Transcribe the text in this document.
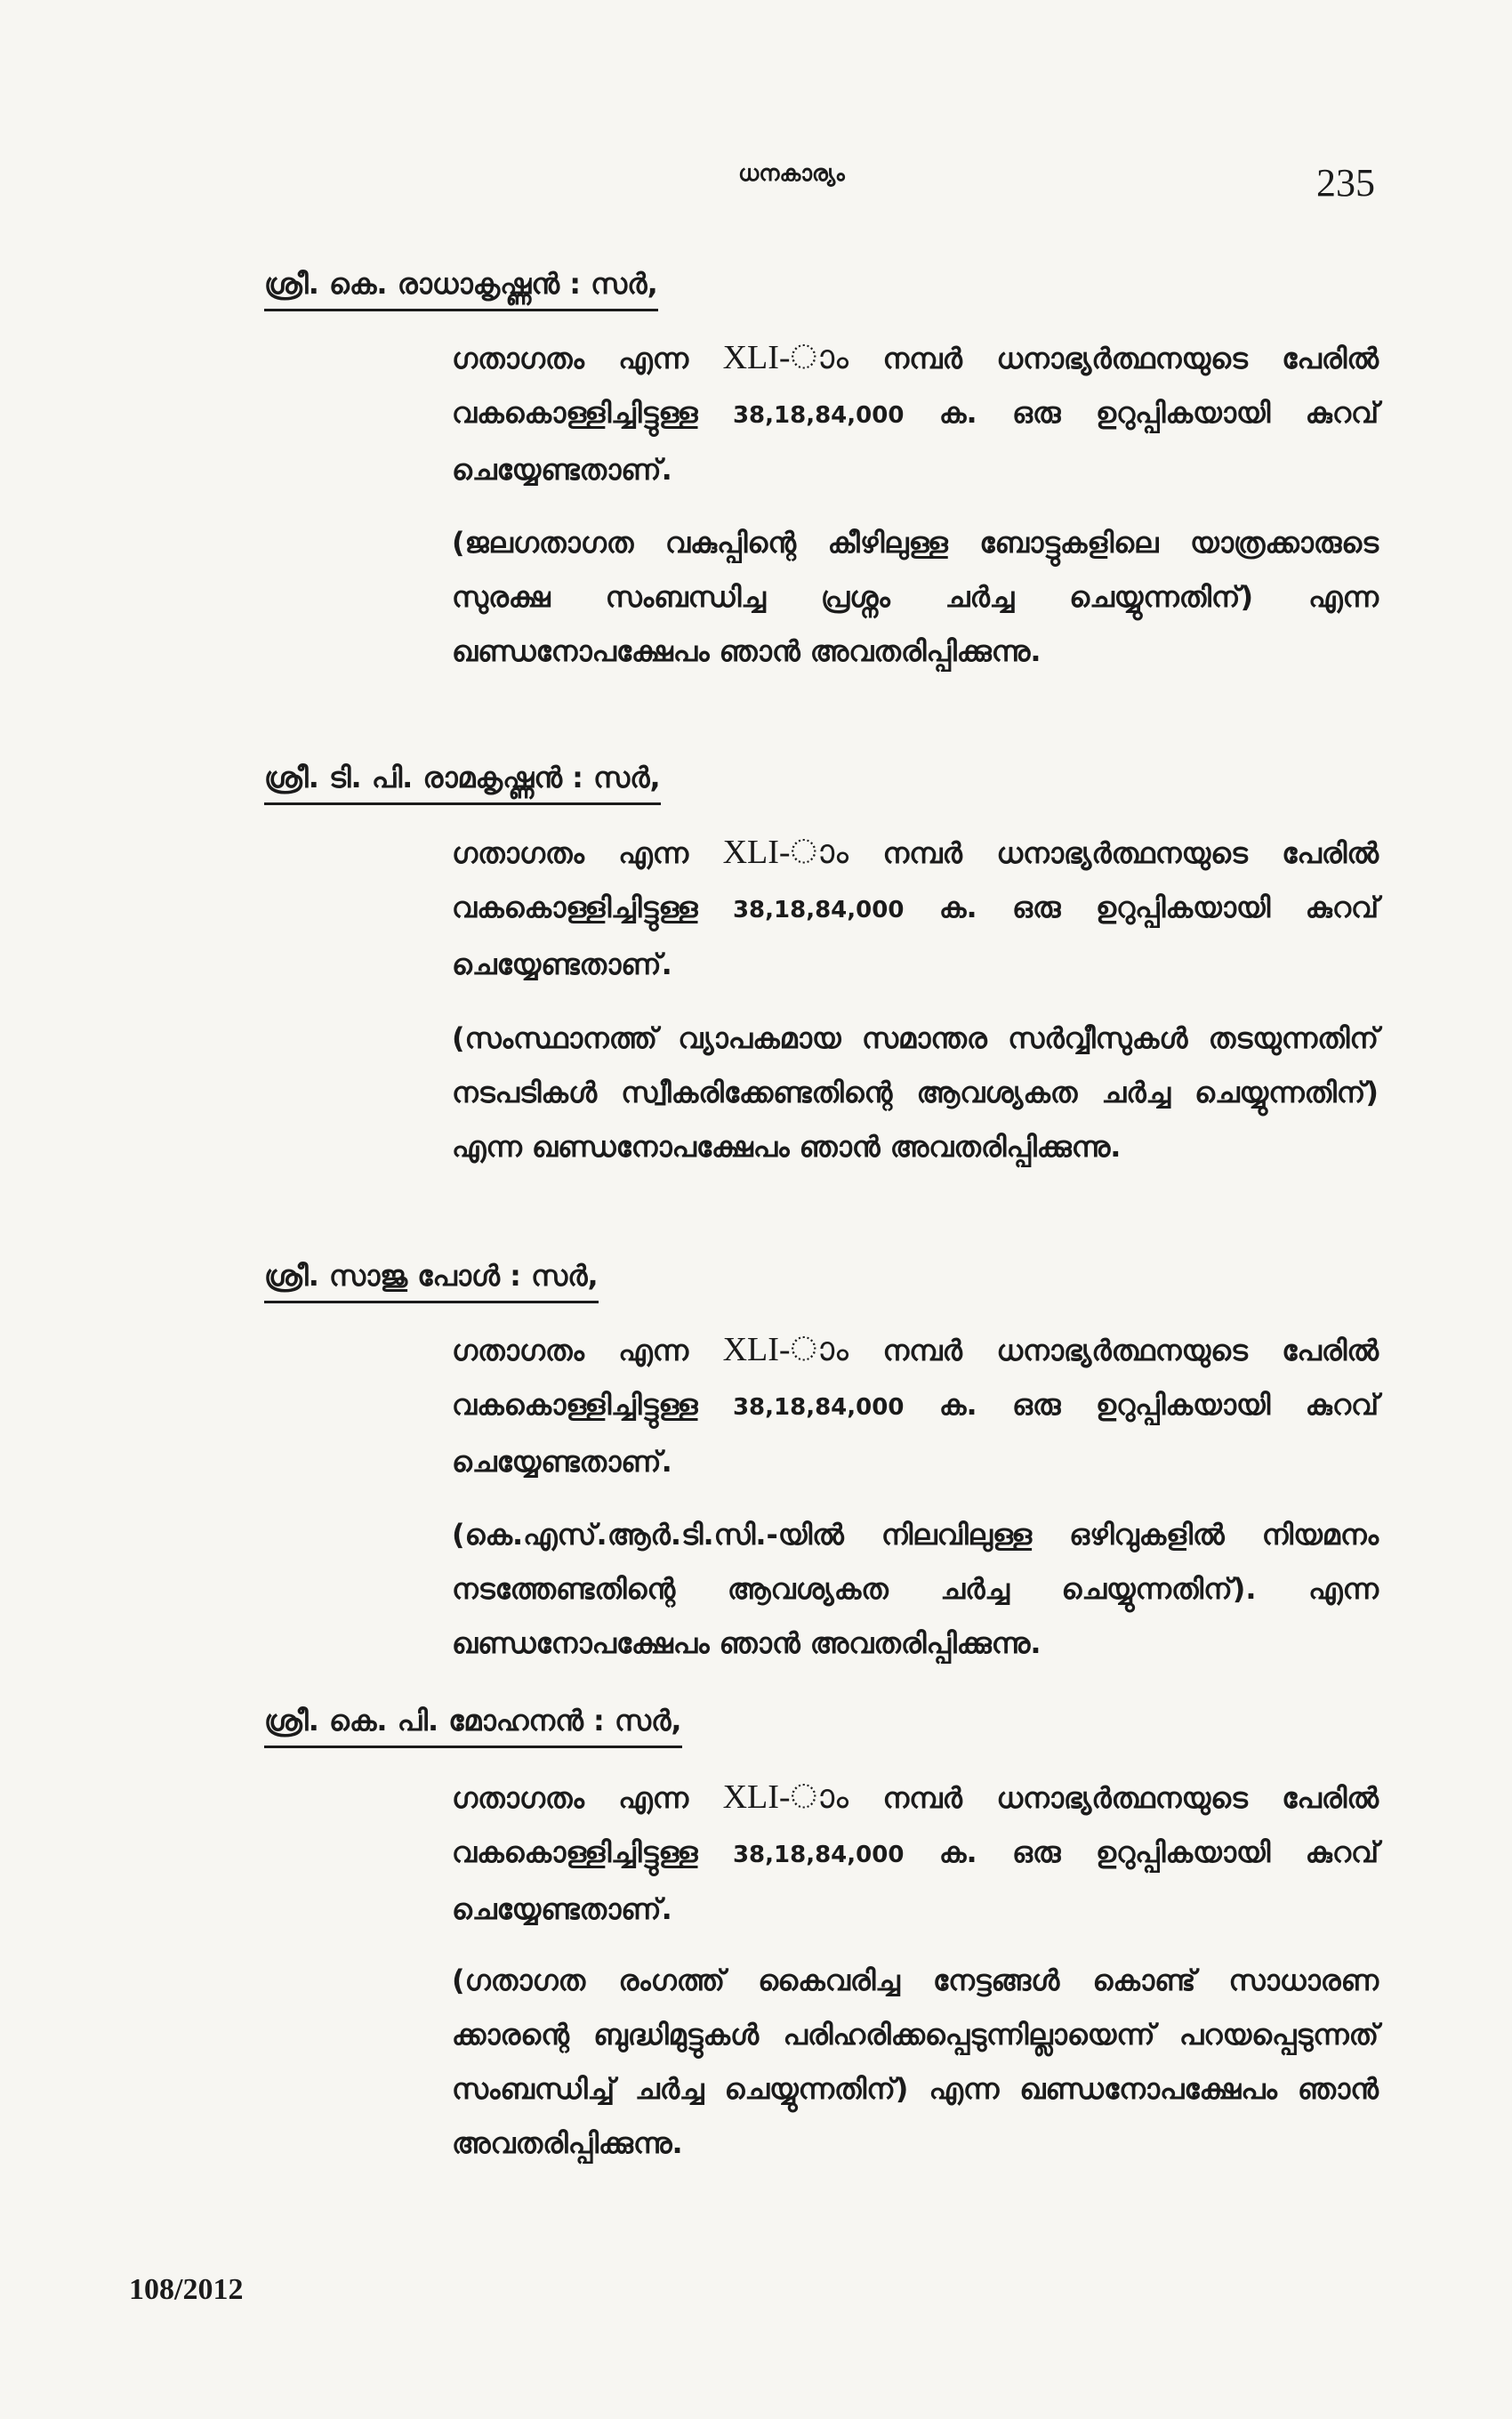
ധനകാര്യം	235
ശ്രീ. കെ. രാധാകൃഷ്ണൻ : സർ,

ഗതാഗതം എന്ന XLI-ാം നമ്പർ ധനാഭ്യർത്ഥനയുടെ പേരിൽ വകകൊള്ളിച്ചിട്ടുള്ള 38,18,84,000 ക. ഒരു ഉറുപ്പികയായി കുറവ് ചെയ്യേണ്ടതാണ്.

(ജലഗതാഗത വകുപ്പിന്റെ കീഴിലുള്ള ബോട്ടുകളിലെ യാത്രക്കാരുടെ സുരക്ഷ സംബന്ധിച്ച പ്രശ്നം ചർച്ച ചെയ്യുന്നതിന്) എന്ന ഖണ്ഡനോപക്ഷേപം ഞാൻ അവതരിപ്പിക്കുന്നു.

ശ്രീ. ടി. പി. രാമകൃഷ്ണൻ : സർ,

ഗതാഗതം എന്ന XLI-ാം നമ്പർ ധനാഭ്യർത്ഥനയുടെ പേരിൽ വകകൊള്ളിച്ചിട്ടുള്ള 38,18,84,000 ക. ഒരു ഉറുപ്പികയായി കുറവ് ചെയ്യേണ്ടതാണ്.

(സംസ്ഥാനത്ത് വ്യാപകമായ സമാന്തര സർവ്വീസുകൾ തടയുന്നതിന് നടപടികൾ സ്വീകരിക്കേണ്ടതിന്റെ ആവശ്യകത ചർച്ച ചെയ്യുന്നതിന്) എന്ന ഖണ്ഡനോപക്ഷേപം ഞാൻ അവതരിപ്പിക്കുന്നു.

ശ്രീ. സാജു പോൾ : സർ,

ഗതാഗതം എന്ന XLI-ാം നമ്പർ ധനാഭ്യർത്ഥനയുടെ പേരിൽ വകകൊള്ളിച്ചിട്ടുള്ള 38,18,84,000 ക. ഒരു ഉറുപ്പികയായി കുറവ് ചെയ്യേണ്ടതാണ്.

(കെ.എസ്.ആർ.ടി.സി.-യിൽ നിലവിലുള്ള ഒഴിവുകളിൽ നിയമനം നടത്തേണ്ടതിന്റെ ആവശ്യകത ചർച്ച ചെയ്യുന്നതിന്). എന്ന ഖണ്ഡനോപക്ഷേപം ഞാൻ അവതരിപ്പിക്കുന്നു.

ശ്രീ. കെ. പി. മോഹനൻ : സർ,

ഗതാഗതം എന്ന XLI-ാം നമ്പർ ധനാഭ്യർത്ഥനയുടെ പേരിൽ വകകൊള്ളിച്ചിട്ടുള്ള 38,18,84,000 ക. ഒരു ഉറുപ്പികയായി കുറവ് ചെയ്യേണ്ടതാണ്.

(ഗതാഗത രംഗത്ത് കൈവരിച്ച നേട്ടങ്ങൾ കൊണ്ട് സാധാരണ ക്കാരന്റെ ബുദ്ധിമുട്ടുകൾ പരിഹരിക്കപ്പെടുന്നില്ലായെന്ന് പറയപ്പെടുന്നത് സംബന്ധിച്ച് ചർച്ച ചെയ്യുന്നതിന്) എന്ന ഖണ്ഡനോപക്ഷേപം ഞാൻ അവതരിപ്പിക്കുന്നു.

108/2012
